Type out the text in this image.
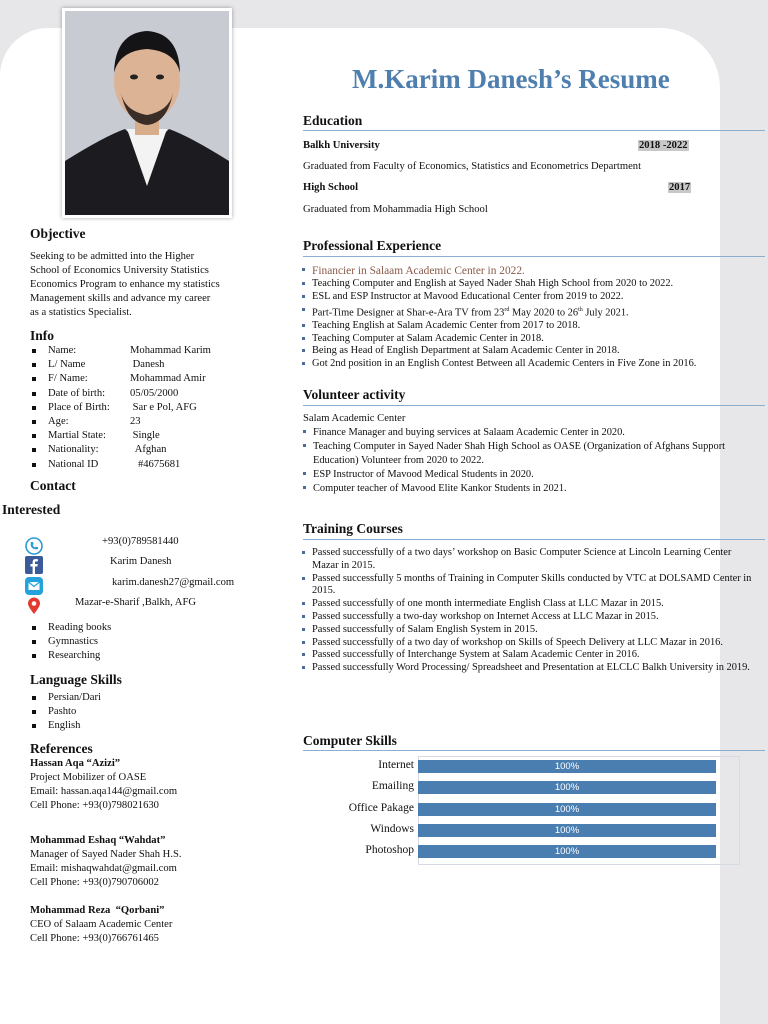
M.Karim Danesh’s Resume
Objective
Seeking to be admitted into the Higher
School of Economics University Statistics
Economics Program to enhance my statistics
Management skills and advance my career
as a statistics Specialist.
Info
Name:	Mohammad Karim
L/ Name	Danesh
F/ Name:	Mohammad Amir
Date of birth:	05/05/2000
Place of Birth:	Sar e Pol, AFG
Age:	23
Martial State:	Single
Nationality:	Afghan
National ID	#4675681
Contact
Interested
+93(0)789581440
Karim Danesh
karim.danesh27@gmail.com
Mazar-e-Sharif ,Balkh, AFG
Reading books
Gymnastics
Researching
Language Skills
Persian/Dari
Pashto
English
References
Hassan Aqa “Azizi”
Project Mobilizer of OASE
Email: hassan.aqa144@gmail.com
Cell Phone: +93(0)798021630
Mohammad Eshaq “Wahdat”
Manager of Sayed Nader Shah H.S.
Email: mishaqwahdat@gmail.com
Cell Phone: +93(0)790706002
Mohammad Reza  “Qorbani”
CEO of Salaam Academic Center
Cell Phone: +93(0)766761465
Education
Balkh University	2018 -2022
Graduated from Faculty of Economics, Statistics and Econometrics Department
High School	2017
Graduated from Mohammadia High School
Professional Experience
Financier in Salaam Academic Center in 2022.
Teaching Computer and English at Sayed Nader Shah High School from 2020 to 2022.
ESL and ESP Instructor at Mavood Educational Center from 2019 to 2022.
Part-Time Designer at Shar-e-Ara TV from 23rd May 2020 to 26th July 2021.
Teaching English at Salam Academic Center from 2017 to 2018.
Teaching Computer at Salam Academic Center in 2018.
Being as Head of English Department at Salam Academic Center in 2018.
Got 2nd position in an English Contest Between all Academic Centers in Five Zone in 2016.
Volunteer activity
Salam Academic Center
Finance Manager and buying services at Salaam Academic Center in 2020.
Teaching Computer in Sayed Nader Shah High School as OASE (Organization of Afghans Support Education) Volunteer from 2020 to 2022.
ESP Instructor of Mavood Medical Students in 2020.
Computer teacher of Mavood Elite Kankor Students in 2021.
Training Courses
Passed successfully of a two days’ workshop on Basic Computer Science at Lincoln Learning Center Mazar in 2015.
Passed successfully 5 months of Training in Computer Skills conducted by VTC at DOLSAMD Center in 2015.
Passed successfully of one month intermediate English Class at LLC Mazar in 2015.
Passed successfully a two-day workshop on Internet Access at LLC Mazar in 2015.
Passed successfully of Salam English System in 2015.
Passed successfully of a two day of workshop on Skills of Speech Delivery at LLC Mazar in 2016.
Passed successfully of Interchange System at Salam Academic Center in 2016.
Passed successfully Word Processing/ Spreadsheet and Presentation at ELCLC Balkh University in 2019.
Computer Skills
Internet	100%
Emailing	100%
Office Pakage	100%
Windows	100%
Photoshop	100%
